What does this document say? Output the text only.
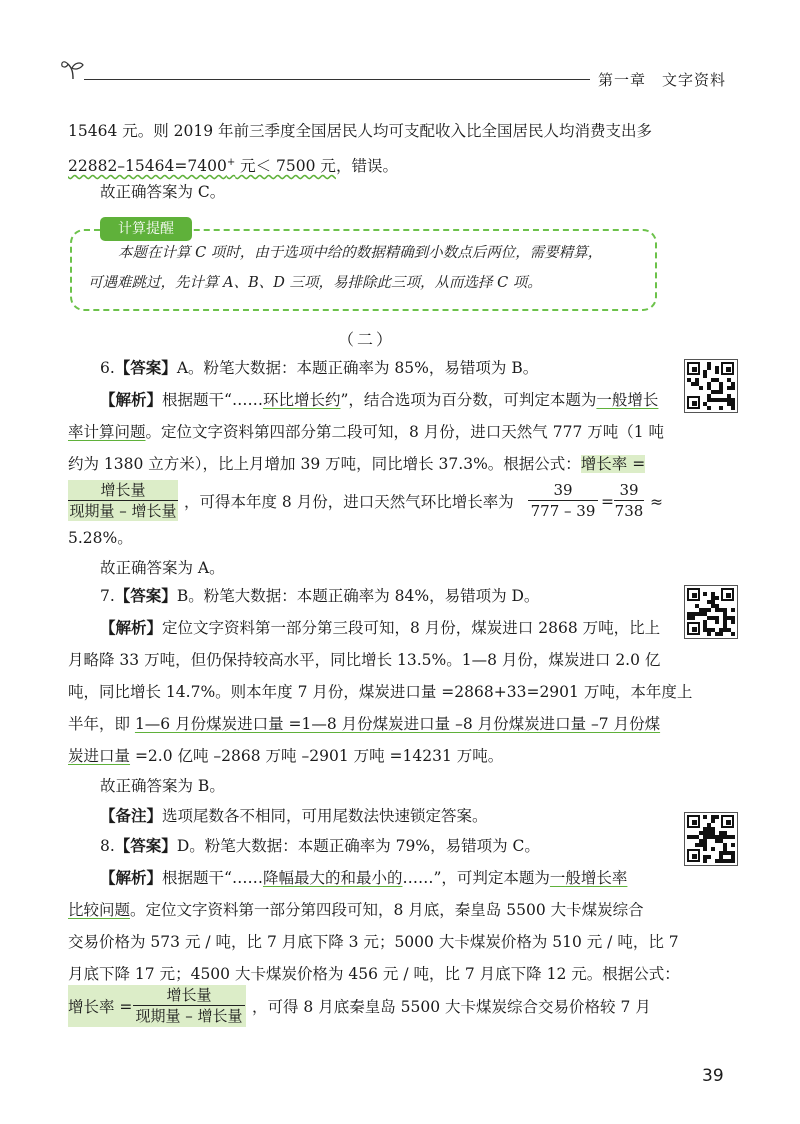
第一章　文字资料
15464 元。则 2019 年前三季度全国居民人均可支配收入比全国居民人均消费支出多
22882–15464=7400+ 元＜ 7500 元，错误。
故正确答案为 C。
计算提醒
本题在计算 C 项时，由于选项中给的数据精确到小数点后两位，需要精算，
可遇难跳过，先计算 A、B、D 三项，易排除此三项，从而选择 C 项。
（二）
6.【答案】A。粉笔大数据：本题正确率为 85%，易错项为 B。
【解析】根据题干“……环比增长约”，结合选项为百分数，可判定本题为一般增长
率计算问题。定位文字资料第四部分第二段可知，8 月份，进口天然气 777 万吨（1 吨
约为 1380 立方米），比上月增加 39 万吨，同比增长 37.3%。根据公式：增长率 =
增长量
现期量 – 增长量 ，可得本年度 8 月份，进口天然气环比增长率为 $\frac{39}{777 - 39} = \frac{39}{738}$ ≈
5.28%。
故正确答案为 A。
7.【答案】B。粉笔大数据：本题正确率为 84%，易错项为 D。
【解析】定位文字资料第一部分第三段可知，8 月份，煤炭进口 2868 万吨，比上
月略降 33 万吨，但仍保持较高水平，同比增长 13.5%。1—8 月份，煤炭进口 2.0 亿
吨，同比增长 14.7%。则本年度 7 月份，煤炭进口量 =2868+33=2901 万吨，本年度上
半年，即 1—6 月份煤炭进口量 =1—8 月份煤炭进口量 –8 月份煤炭进口量 –7 月份煤
炭进口量 =2.0 亿吨 –2868 万吨 –2901 万吨 =14231 万吨。
故正确答案为 B。
【备注】选项尾数各不相同，可用尾数法快速锁定答案。
8.【答案】D。粉笔大数据：本题正确率为 79%，易错项为 C。
【解析】根据题干“……降幅最大的和最小的……”，可判定本题为一般增长率
比较问题。定位文字资料第一部分第四段可知，8 月底，秦皇岛 5500 大卡煤炭综合
交易价格为 573 元 / 吨，比 7 月底下降 3 元；5000 大卡煤炭价格为 510 元 / 吨，比 7
月底下降 17 元；4500 大卡煤炭价格为 456 元 / 吨，比 7 月底下降 12 元。根据公式：
增长率 =
增长量
现期量 – 增长量 ，可得 8 月底秦皇岛 5500 大卡煤炭综合交易价格较 7 月
39
